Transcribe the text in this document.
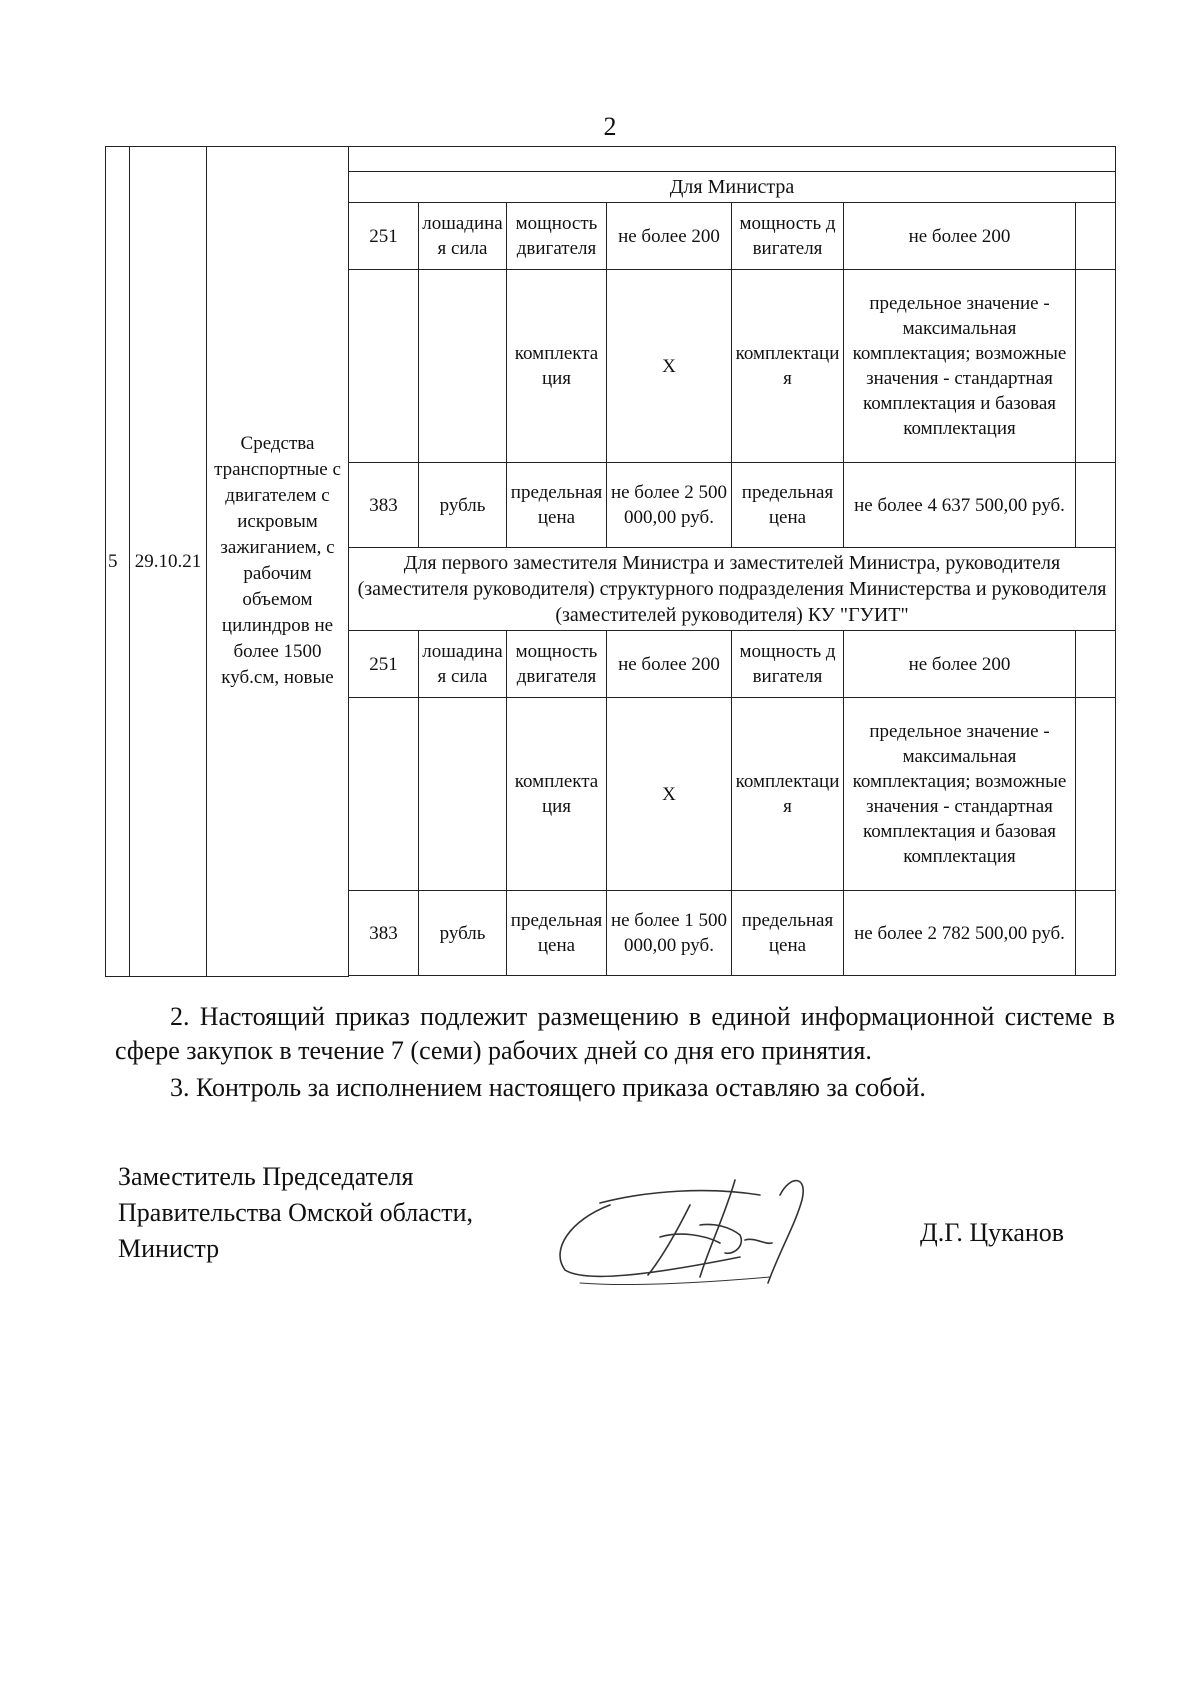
2
5	29.10.21	Средства транспортные с двигателем с искровым зажиганием, с рабочим объемом цилиндров не более 1500 куб.см, новые							
			Для Министра						
			251	лошадиная сила	мощность двигателя	не более 200	мощность двигателя	не более 200	
					комплектация	X	комплектация	предельное значение - максимальная комплектация; возможные значения - стандартная комплектация и базовая комплектация	
			383	рубль	предельная цена	не более 2 500 000,00 руб.	предельная цена	не более 4 637 500,00 руб.	
			Для первого заместителя Министра и заместителей Министра, руководителя (заместителя руководителя) структурного подразделения Министерства и руководителя (заместителей руководителя) КУ "ГУИТ"						
			251	лошадиная сила	мощность двигателя	не более 200	мощность двигателя	не более 200	
					комплектация	X	комплектация	предельное значение - максимальная комплектация; возможные значения - стандартная комплектация и базовая комплектация	
			383	рубль	предельная цена	не более 1 500 000,00 руб.	предельная цена	не более 2 782 500,00 руб.	

2. Настоящий приказ подлежит размещению в единой информационной системе в сфере закупок в течение 7 (семи) рабочих дней со дня его принятия.
3. Контроль за исполнением настоящего приказа оставляю за собой.
Заместитель Председателя
Правительства Омской области,
Министр
Д.Г. Цуканов
